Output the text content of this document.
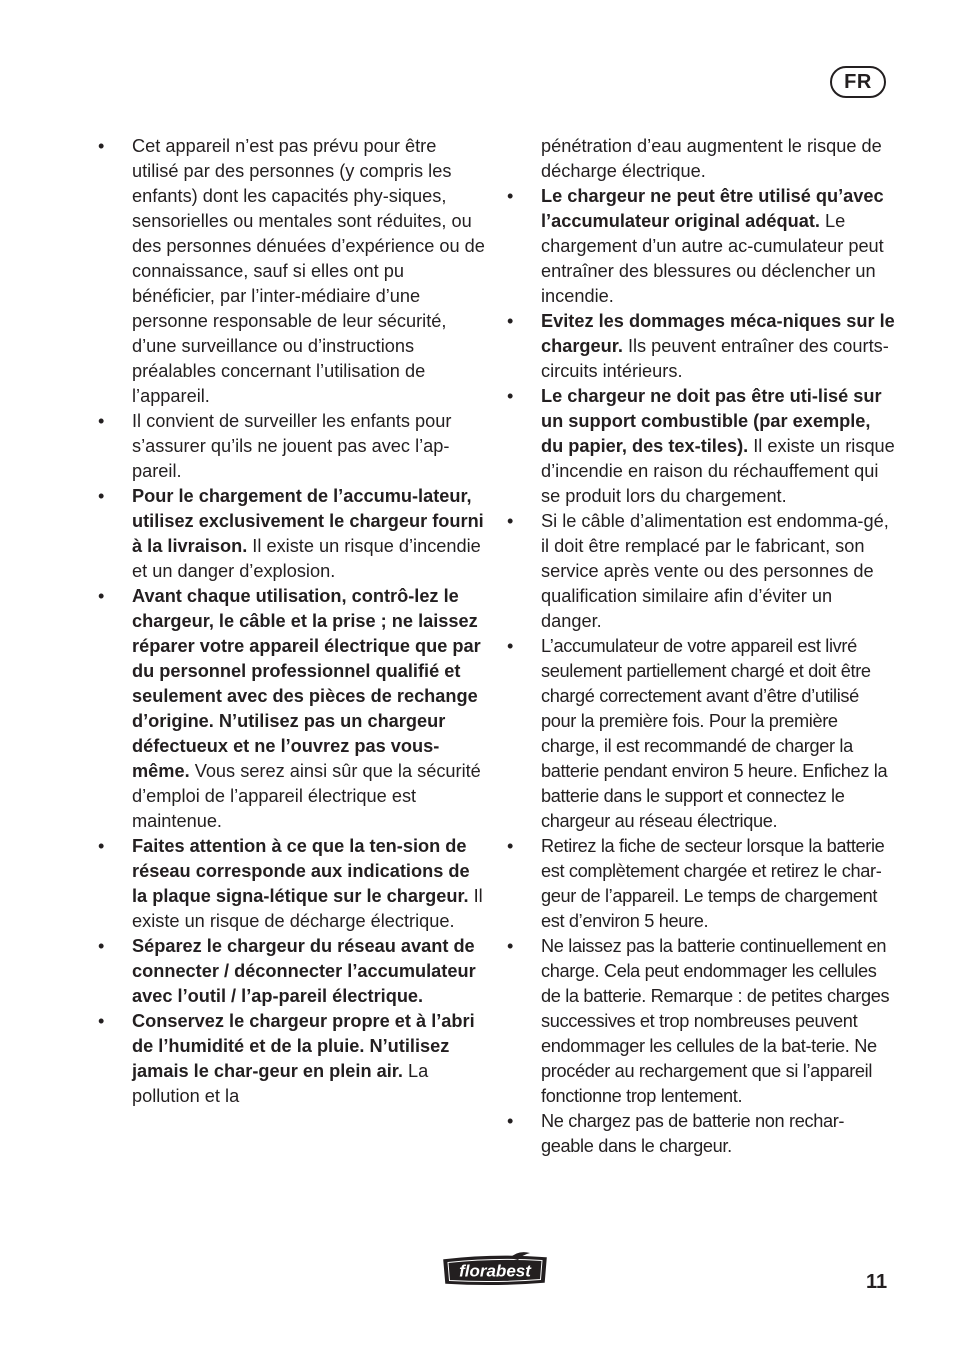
FR
• Cet appareil n’est pas prévu pour être utilisé par des personnes (y compris les enfants) dont les capacités phy-siques, sensorielles ou mentales sont réduites, ou des personnes dénuées d’expérience ou de connaissance, sauf si elles ont pu bénéficier, par l’inter-médiaire d’une personne responsable de leur sécurité, d’une surveillance ou d’instructions préalables concernant l’utilisation de l’appareil.
• Il convient de surveiller les enfants pour s’assurer qu’ils ne jouent pas avec l’ap-pareil.
• Pour le chargement de l’accumu-lateur, utilisez exclusivement le chargeur fourni à la livraison. Il existe un risque d’incendie et un danger d’explosion.
• Avant chaque utilisation, contrô-lez le chargeur, le câble et la prise ; ne laissez réparer votre appareil électrique que par du personnel professionnel qualifié et seulement avec des pièces de rechange d’origine. N’utilisez pas un chargeur défectueux et ne l’ouvrez pas vous-même. Vous serez ainsi sûr que la sécurité d’emploi de l’appareil électrique est maintenue.
• Faites attention à ce que la ten-sion de réseau corresponde aux indications de la plaque signa-létique sur le chargeur. Il existe un risque de décharge électrique.
• Séparez le chargeur du réseau avant de connecter / déconnecter l’accumulateur avec l’outil / l’ap-pareil électrique.
• Conservez le chargeur propre et à l’abri de l’humidité et de la pluie. N’utilisez jamais le char-geur en plein air. La pollution et la

pénétration d’eau augmentent le risque de décharge électrique.

• Le chargeur ne peut être utilisé qu’avec l’accumulateur original adéquat. Le chargement d’un autre ac-cumulateur peut entraîner des blessures ou déclencher un incendie.
• Evitez les dommages méca-niques sur le chargeur. Ils peuvent entraîner des courts-circuits intérieurs.
• Le chargeur ne doit pas être uti-lisé sur un support combustible (par exemple, du papier, des tex-tiles). Il existe un risque d’incendie en raison du réchauffement qui se produit lors du chargement.
• Si le câble d’alimentation est endomma-gé, il doit être remplacé par le fabricant, son service après vente ou des personnes de qualification similaire afin d’éviter un danger.
• L’accumulateur de votre appareil est livré seulement partiellement chargé et doit être chargé correctement avant d’être d’utilisé pour la première fois. Pour la première charge, il est recommandé de charger la batterie pendant environ 5 heure. Enfichez la batterie dans le support et connectez le chargeur au réseau électrique.
• Retirez la fiche de secteur lorsque la batterie est complètement chargée et retirez le char-geur de l’appareil. Le temps de chargement est d’environ 5 heure.
• Ne laissez pas la batterie continuellement en charge. Cela peut endommager les cellules de la batterie. Remarque : de petites charges successives et trop nombreuses peuvent endommager les cellules de la bat-terie. Ne procéder au rechargement que si l’appareil fonctionne trop lentement.
• Ne chargez pas de batterie non rechar-geable dans le chargeur.
florabest	11
